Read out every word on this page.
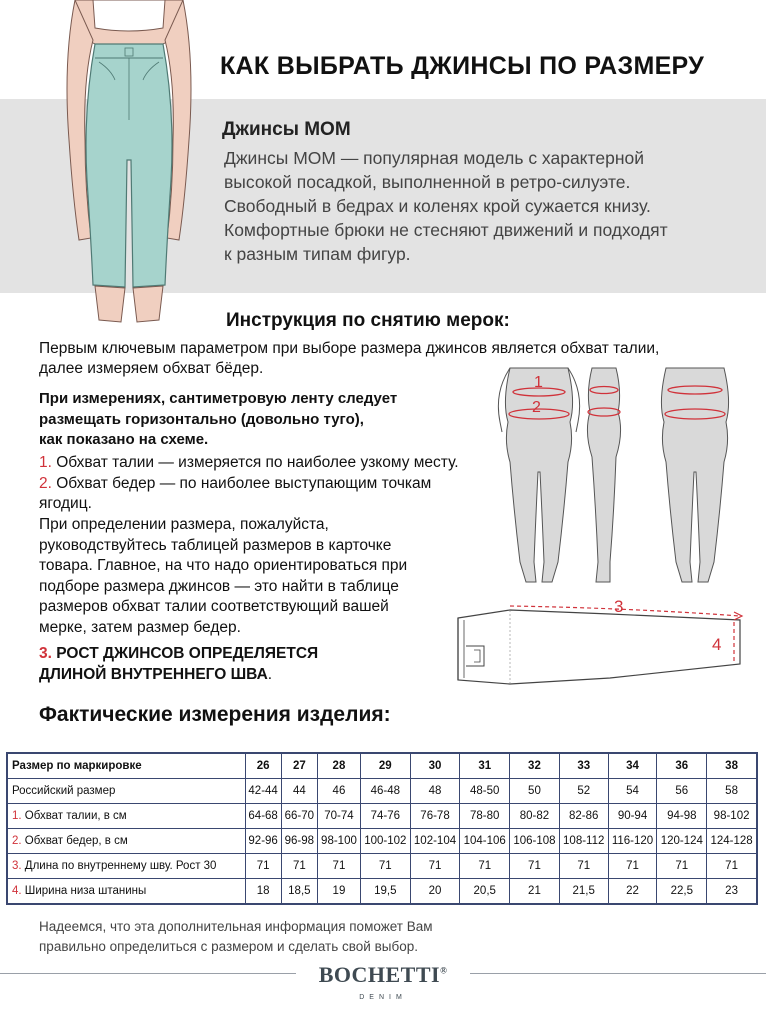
КАК ВЫБРАТЬ ДЖИНСЫ ПО РАЗМЕРУ
Джинсы MOM
Джинсы MOM — популярная модель с характерной
высокой посадкой, выполненной в ретро-силуэте.
Свободный в бедрах и коленях крой сужается книзу.
Комфортные брюки не стесняют движений и подходят
к разным типам фигур.
Инструкция по снятию мерок:
Первым ключевым параметром при выборе размера джинсов является обхват талии,
далее измеряем обхват бёдер.
При измерениях, сантиметровую ленту следует
размещать горизонтально (довольно туго),
как показано на схеме.
1. Обхват талии — измеряется по наиболее узкому месту.
2. Обхват бедер — по наиболее выступающим точкам
ягодиц.
При определении размера, пожалуйста,
руководствуйтесь таблицей размеров в карточке
товара. Главное, на что надо ориентироваться при
подборе размера джинсов — это найти в таблице
размеров обхват талии соответствующий вашей
мерке, затем размер бедер.
3. РОСТ ДЖИНСОВ ОПРЕДЕЛЯЕТСЯ
ДЛИНОЙ ВНУТРЕННЕГО ШВА.
1
2
3
4
Фактические измерения изделия:
Размер по маркировке	26	27	28	29	30	31	32	33	34	36	38
Российский размер	42-44	44	46	46-48	48	48-50	50	52	54	56	58
1. Обхват талии, в см	64-68	66-70	70-74	74-76	76-78	78-80	80-82	82-86	90-94	94-98	98-102
2. Обхват бедер, в см	92-96	96-98	98-100	100-102	102-104	104-106	106-108	108-112	116-120	120-124	124-128
3. Длина по внутреннему шву. Рост 30	71	71	71	71	71	71	71	71	71	71	71
4. Ширина низа штанины	18	18,5	19	19,5	20	20,5	21	21,5	22	22,5	23
Надеемся, что эта дополнительная информация поможет Вам
правильно определиться с размером и сделать свой выбор.
BOCHETTI®
DENIM
